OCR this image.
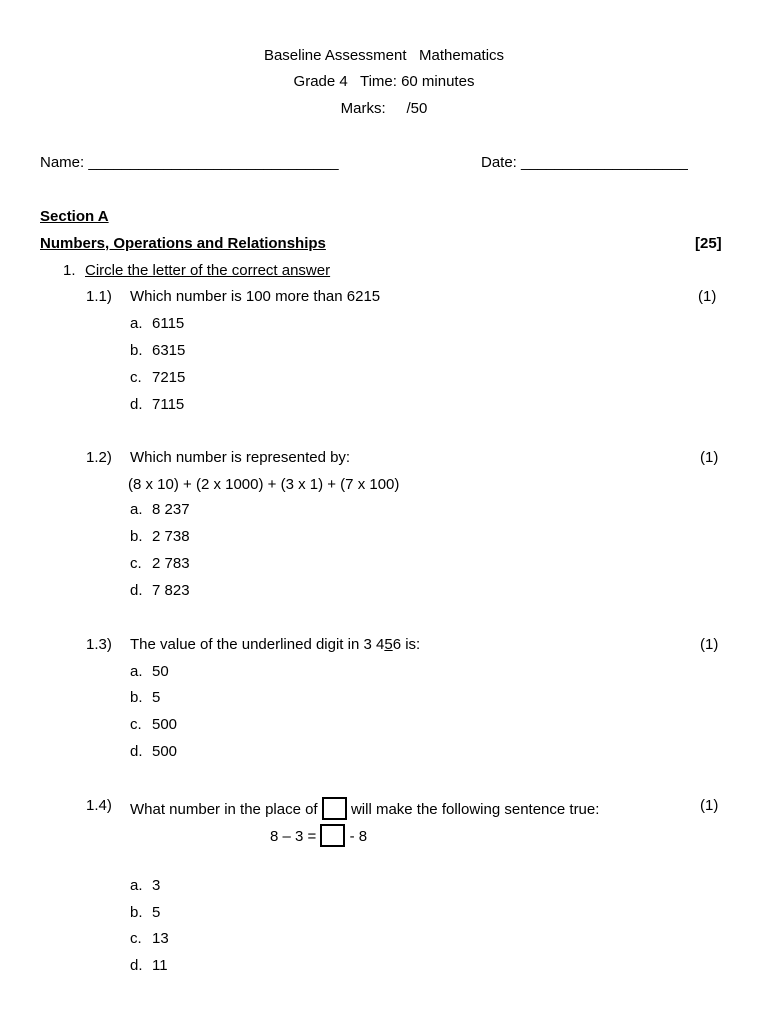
Baseline Assessment   Mathematics
Grade 4   Time: 60 minutes
Marks:     /50
Name: ______________________________	Date: ____________________
Section A
Numbers, Operations and Relationships	[25]
1. Circle the letter of the correct answer
1.1) Which number is 100 more than 6215	(1)
a. 6115
b. 6315
c. 7215
d. 7115
1.2) Which number is represented by:	(1)
(8 x 10) + (2 x 1000) + (3 x 1) + (7 x 100)
a. 8 237
b. 2 738
c. 2 783
d. 7 823
1.3) The value of the underlined digit in 3 456 is:	(1)
a. 50
b. 5
c. 500
d. 500
1.4) What number in the place of will make the following sentence true:	(1)
8 – 3 = - 8
a. 3
b. 5
c. 13
d. 11
